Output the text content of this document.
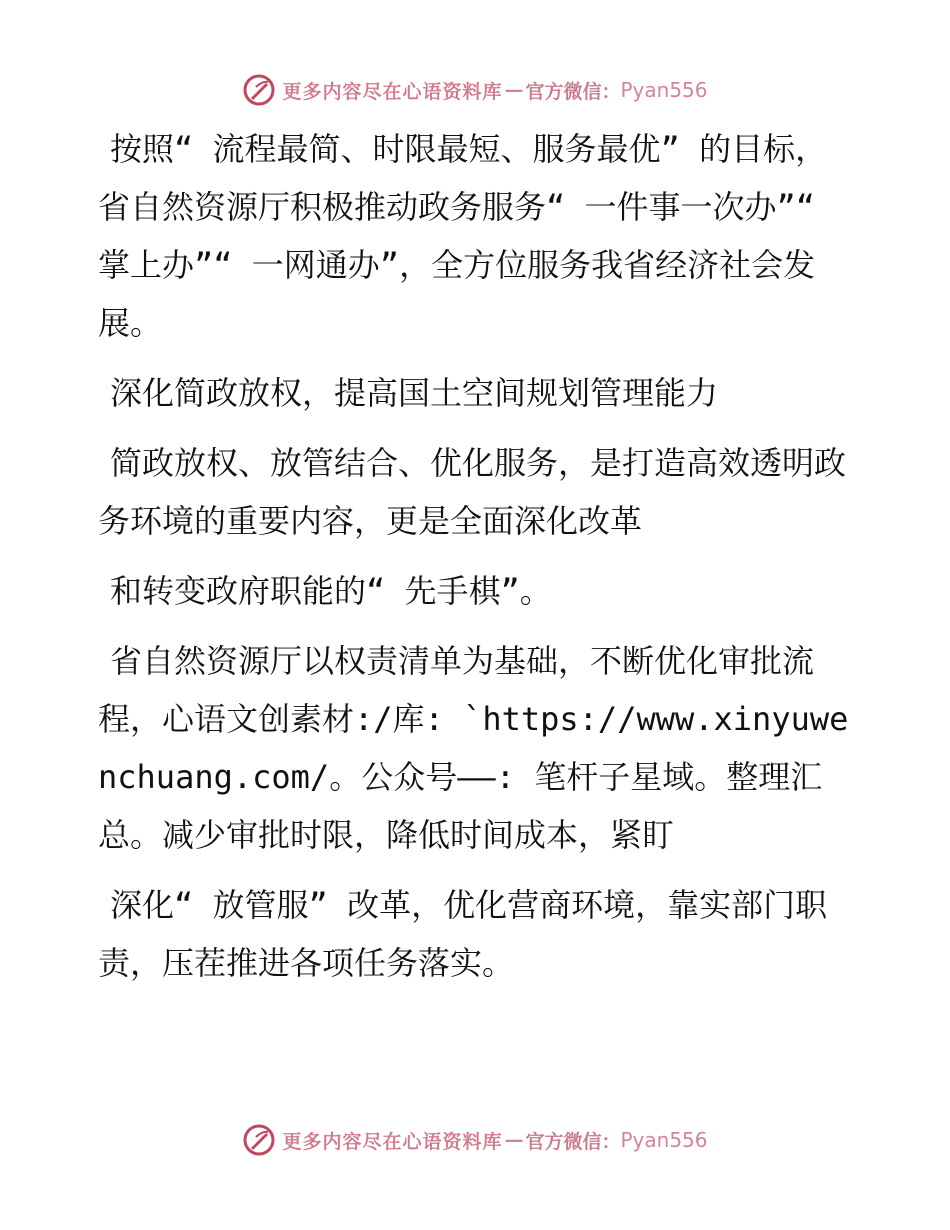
更多内容尽在心语资料库 — 官方微信： Pyan556

按照“ 流程最简、时限最短、服务最优” 的目标，省自然资源厅积极推动政务服务“ 一件事一次办”“ 掌上办”“ 一网通办”，全方位服务我省经济社会发展。

深化简政放权，提高国土空间规划管理能力

简政放权、放管结合、优化服务，是打造高效透明政务环境的重要内容，更是全面深化改革

和转变政府职能的“ 先手棋”。

省自然资源厅以权责清单为基础，不断优化审批流程，心语文创素材:/库: `https://www.xinyuwenchuang.com/。公众号——: 笔杆子星域。整理汇总。减少审批时限，降低时间成本，紧盯

深化“ 放管服” 改革，优化营商环境，靠实部门职责，压茬推进各项任务落实。

更多内容尽在心语资料库 — 官方微信： Pyan556
